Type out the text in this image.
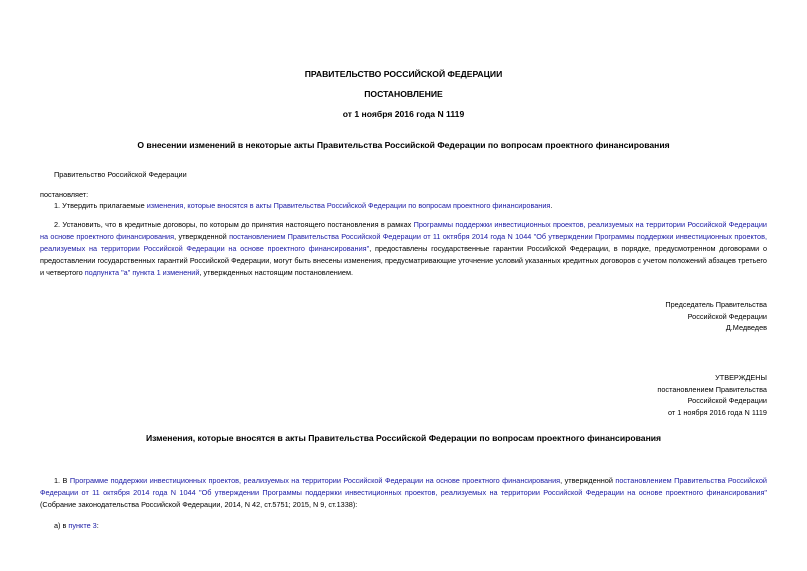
ПРАВИТЕЛЬСТВО РОССИЙСКОЙ ФЕДЕРАЦИИ
ПОСТАНОВЛЕНИЕ
от 1 ноября 2016 года N 1119
О внесении изменений в некоторые акты Правительства Российской Федерации по вопросам проектного финансирования
Правительство Российской Федерации
постановляет:
1. Утвердить прилагаемые изменения, которые вносятся в акты Правительства Российской Федерации по вопросам проектного финансирования.
2. Установить, что в кредитные договоры, по которым до принятия настоящего постановления в рамках Программы поддержки инвестиционных проектов, реализуемых на территории Российской Федерации на основе проектного финансирования, утвержденной постановлением Правительства Российской Федерации от 11 октября 2014 года N 1044 "Об утверждении Программы поддержки инвестиционных проектов, реализуемых на территории Российской Федерации на основе проектного финансирования", предоставлены государственные гарантии Российской Федерации, в порядке, предусмотренном договорами о предоставлении государственных гарантий Российской Федерации, могут быть внесены изменения, предусматривающие уточнение условий указанных кредитных договоров с учетом положений абзацев третьего и четвертого подпункта "а" пункта 1 изменений, утвержденных настоящим постановлением.
Председатель Правительства
Российской Федерации
Д.Медведев
УТВЕРЖДЕНЫ
постановлением Правительства
Российской Федерации
от 1 ноября 2016 года N 1119
Изменения, которые вносятся в акты Правительства Российской Федерации по вопросам проектного финансирования
1. В Программе поддержки инвестиционных проектов, реализуемых на территории Российской Федерации на основе проектного финансирования, утвержденной постановлением Правительства Российской Федерации от 11 октября 2014 года N 1044 "Об утверждении Программы поддержки инвестиционных проектов, реализуемых на территории Российской Федерации на основе проектного финансирования" (Собрание законодательства Российской Федерации, 2014, N 42, ст.5751; 2015, N 9, ст.1338):
а) в пункте 3:
